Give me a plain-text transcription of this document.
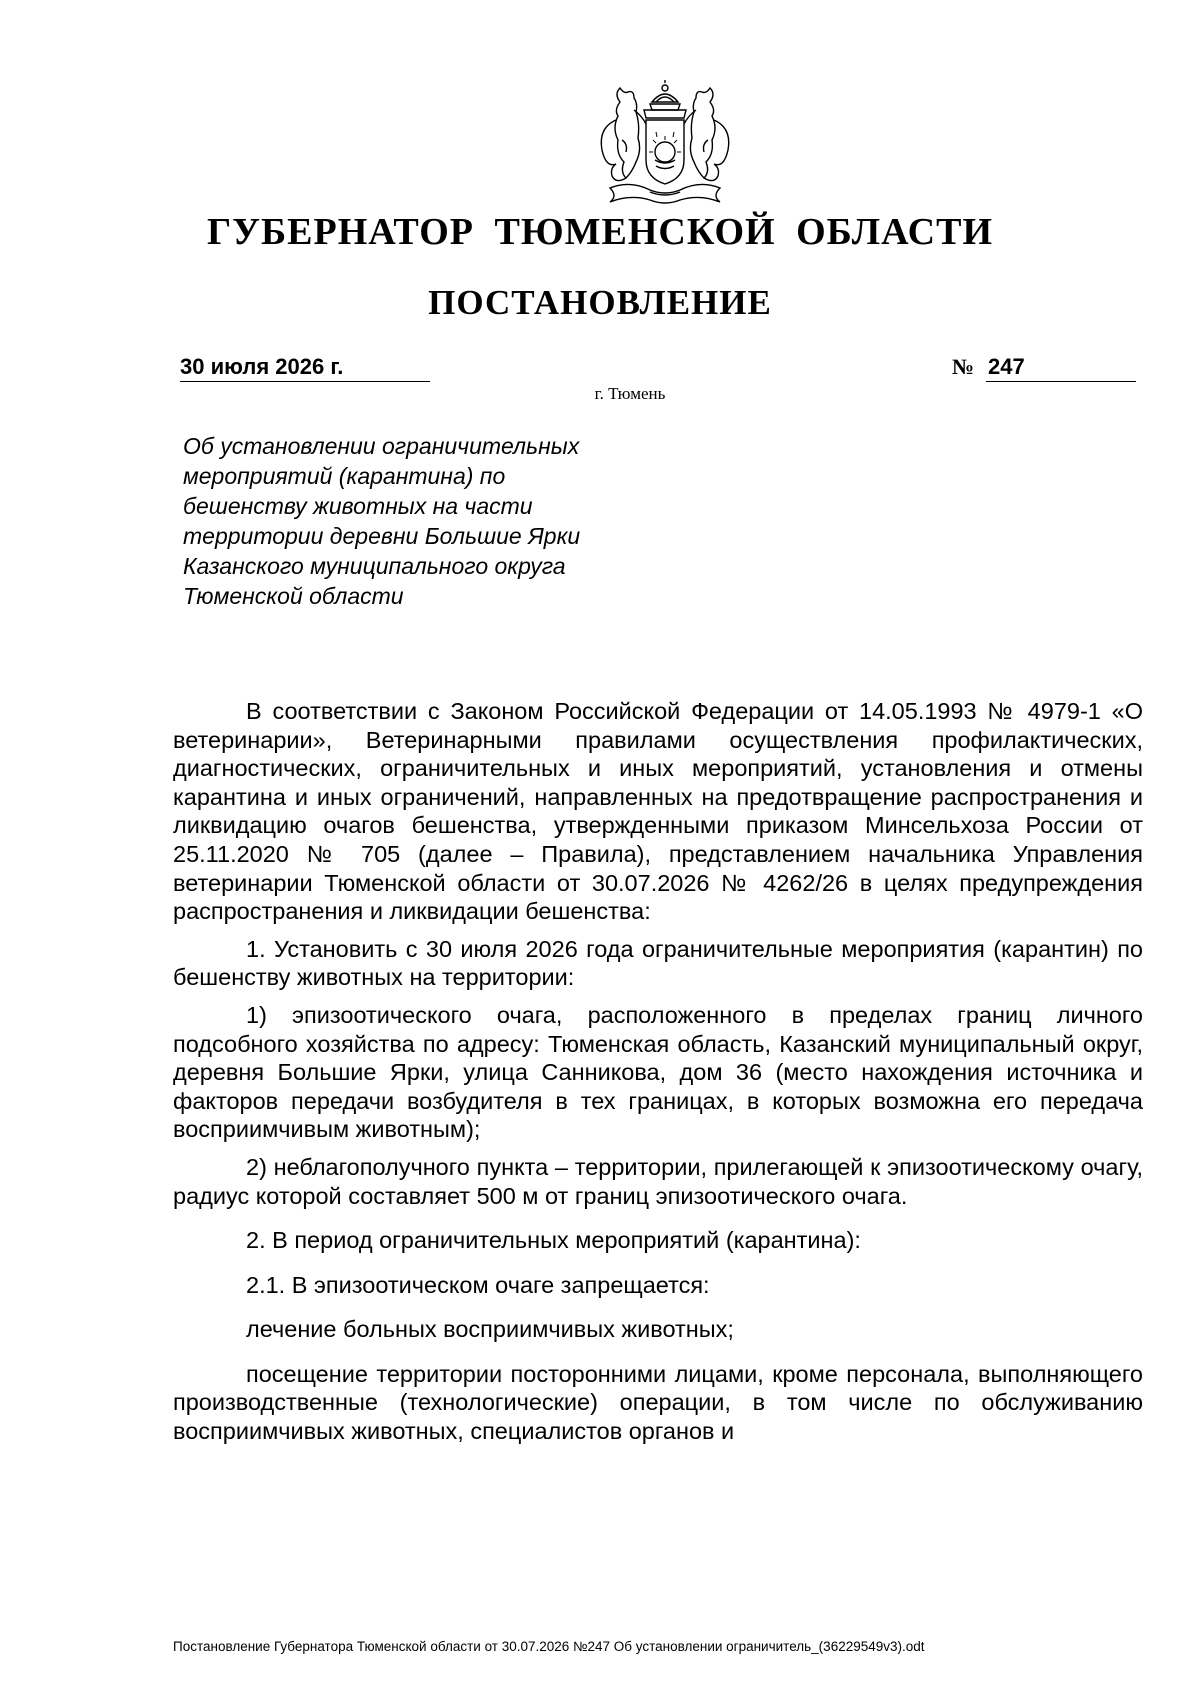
ГУБЕРНАТОР ТЮМЕНСКОЙ ОБЛАСТИ
ПОСТАНОВЛЕНИЕ
30 июля 2026 г.	№ 247
г. Тюмень
Об установлении ограничительных
мероприятий (карантина) по
бешенству животных на части
территории деревни Большие Ярки
Казанского муниципального округа
Тюменской области

В соответствии с Законом Российской Федерации от 14.05.1993 № 4979-1 «О ветеринарии», Ветеринарными правилами осуществления профилактических, диагностических, ограничительных и иных мероприятий, установления и отмены карантина и иных ограничений, направленных на предотвращение распространения и ликвидацию очагов бешенства, утвержденными приказом Минсельхоза России от 25.11.2020 № 705 (далее – Правила), представлением начальника Управления ветеринарии Тюменской области от 30.07.2026 № 4262/26 в целях предупреждения распространения и ликвидации бешенства:

1. Установить с 30 июля 2026 года ограничительные мероприятия (карантин) по бешенству животных на территории:

1) эпизоотического очага, расположенного в пределах границ личного подсобного хозяйства по адресу: Тюменская область, Казанский муниципальный округ, деревня Большие Ярки, улица Санникова, дом 36 (место нахождения источника и факторов передачи возбудителя в тех границах, в которых возможна его передача восприимчивым животным);

2) неблагополучного пункта – территории, прилегающей к эпизоотическому очагу, радиус которой составляет 500 м от границ эпизоотического очага.

2. В период ограничительных мероприятий (карантина):

2.1. В эпизоотическом очаге запрещается:

лечение больных восприимчивых животных;

посещение территории посторонними лицами, кроме персонала, выполняющего производственные (технологические) операции, в том числе по обслуживанию восприимчивых животных, специалистов органов и

Постановление Губернатора Тюменской области от 30.07.2026 №247 Об установлении ограничитель_(36229549v3).odt
